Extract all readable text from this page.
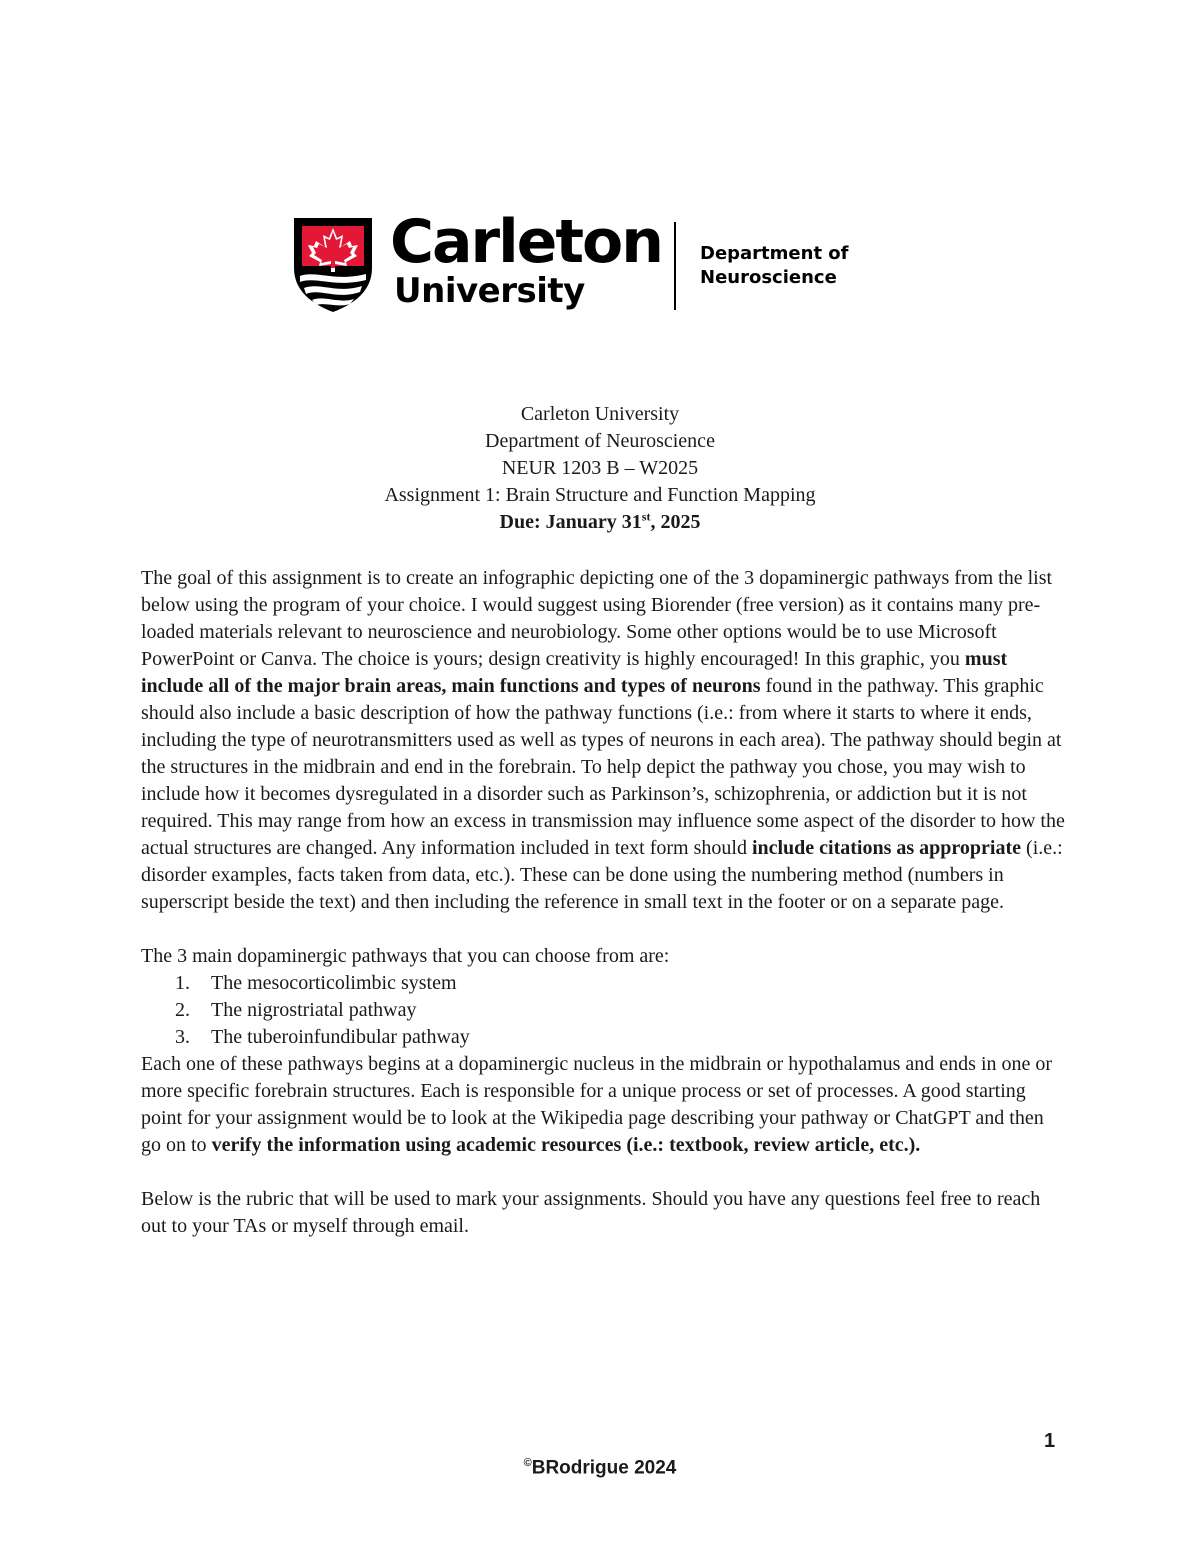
Carleton
University
Department of
Neuroscience
Carleton University
Department of Neuroscience
NEUR 1203 B – W2025
Assignment 1: Brain Structure and Function Mapping
Due: January 31st, 2025

The goal of this assignment is to create an infographic depicting one of the 3 dopaminergic pathways from the list below using the program of your choice. I would suggest using Biorender (free version) as it contains many pre-loaded materials relevant to neuroscience and neurobiology. Some other options would be to use Microsoft PowerPoint or Canva. The choice is yours; design creativity is highly encouraged! In this graphic, you must include all of the major brain areas, main functions and types of neurons found in the pathway. This graphic should also include a basic description of how the pathway functions (i.e.: from where it starts to where it ends, including the type of neurotransmitters used as well as types of neurons in each area). The pathway should begin at the structures in the midbrain and end in the forebrain. To help depict the pathway you chose, you may wish to include how it becomes dysregulated in a disorder such as Parkinson’s, schizophrenia, or addiction but it is not required. This may range from how an excess in transmission may influence some aspect of the disorder to how the actual structures are changed. Any information included in text form should include citations as appropriate (i.e.: disorder examples, facts taken from data, etc.). These can be done using the numbering method (numbers in superscript beside the text) and then including the reference in small text in the footer or on a separate page.

The 3 main dopaminergic pathways that you can choose from are:

1. The mesocorticolimbic system
2. The nigrostriatal pathway
3. The tuberoinfundibular pathway

Each one of these pathways begins at a dopaminergic nucleus in the midbrain or hypothalamus and ends in one or more specific forebrain structures. Each is responsible for a unique process or set of processes. A good starting point for your assignment would be to look at the Wikipedia page describing your pathway or ChatGPT and then go on to verify the information using academic resources (i.e.: textbook, review article, etc.).

Below is the rubric that will be used to mark your assignments. Should you have any questions feel free to reach out to your TAs or myself through email.

1
©BRodrigue 2024
